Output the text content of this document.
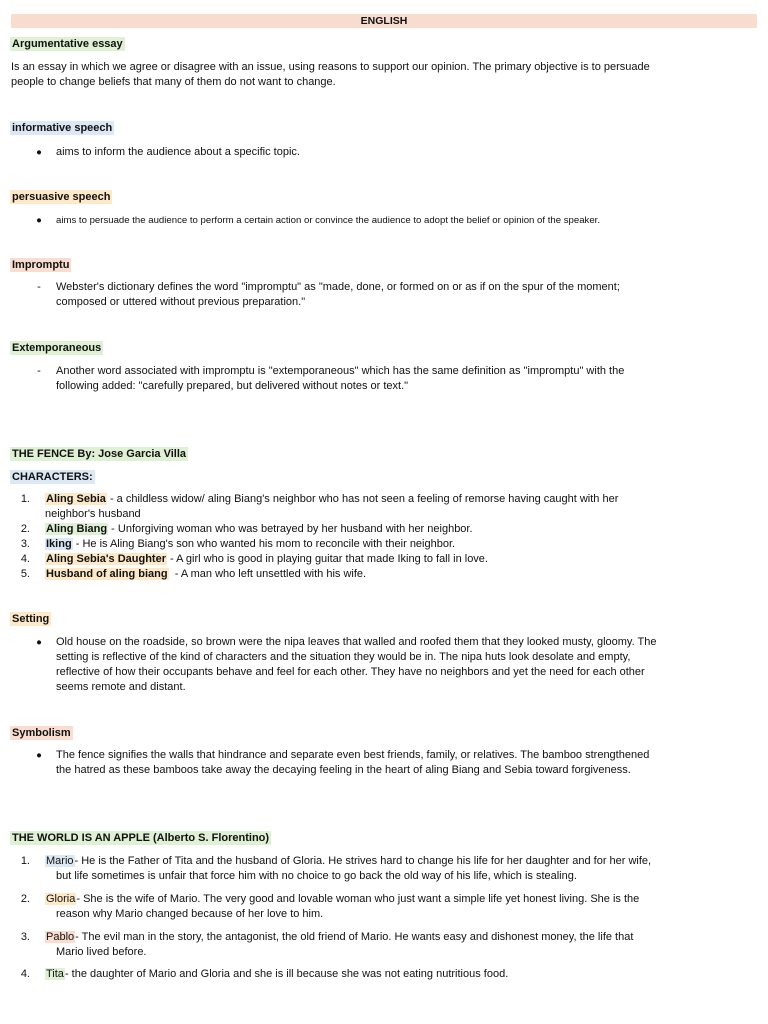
ENGLISH
Argumentative essay
Is an essay in which we agree or disagree with an issue, using reasons to support our opinion. The primary objective is to persuade
people to change beliefs that many of them do not want to change.
informative speech
●	aims to inform the audience about a specific topic.
persuasive speech
●	aims to persuade the audience to perform a certain action or convince the audience to adopt the belief or opinion of the speaker.
Impromptu
-	Webster's dictionary defines the word "impromptu" as "made, done, or formed on or as if on the spur of the moment;
composed or uttered without previous preparation."
Extemporaneous
-	Another word associated with impromptu is "extemporaneous" which has the same definition as "impromptu" with the
following added: "carefully prepared, but delivered without notes or text."
THE FENCE By: Jose Garcia Villa
CHARACTERS:
1. Aling Sebia - a childless widow/ aling Biang's neighbor who has not seen a feeling of remorse having caught with her
neighbor's husband
2. Aling Biang - Unforgiving woman who was betrayed by her husband with her neighbor.
3. Iking - He is Aling Biang's son who wanted his mom to reconcile with their neighbor.
4. Aling Sebia's Daughter - A girl who is good in playing guitar that made Iking to fall in love.
5. Husband of aling biang  - A man who left unsettled with his wife.
Setting
●	Old house on the roadside, so brown were the nipa leaves that walled and roofed them that they looked musty, gloomy. The
setting is reflective of the kind of characters and the situation they would be in. The nipa huts look desolate and empty,
reflective of how their occupants behave and feel for each other. They have no neighbors and yet the need for each other
seems remote and distant.
Symbolism
●	The fence signifies the walls that hindrance and separate even best friends, family, or relatives. The bamboo strengthened
the hatred as these bamboos take away the decaying feeling in the heart of aling Biang and Sebia toward forgiveness.
THE WORLD IS AN APPLE (Alberto S. Florentino)
1. Mario- He is the Father of Tita and the husband of Gloria. He strives hard to change his life for her daughter and for her wife,
but life sometimes is unfair that force him with no choice to go back the old way of his life, which is stealing.
2. Gloria- She is the wife of Mario. The very good and lovable woman who just want a simple life yet honest living. She is the
reason why Mario changed because of her love to him.
3. Pablo- The evil man in the story, the antagonist, the old friend of Mario. He wants easy and dishonest money, the life that
Mario lived before.
4. Tita- the daughter of Mario and Gloria and she is ill because she was not eating nutritious food.
